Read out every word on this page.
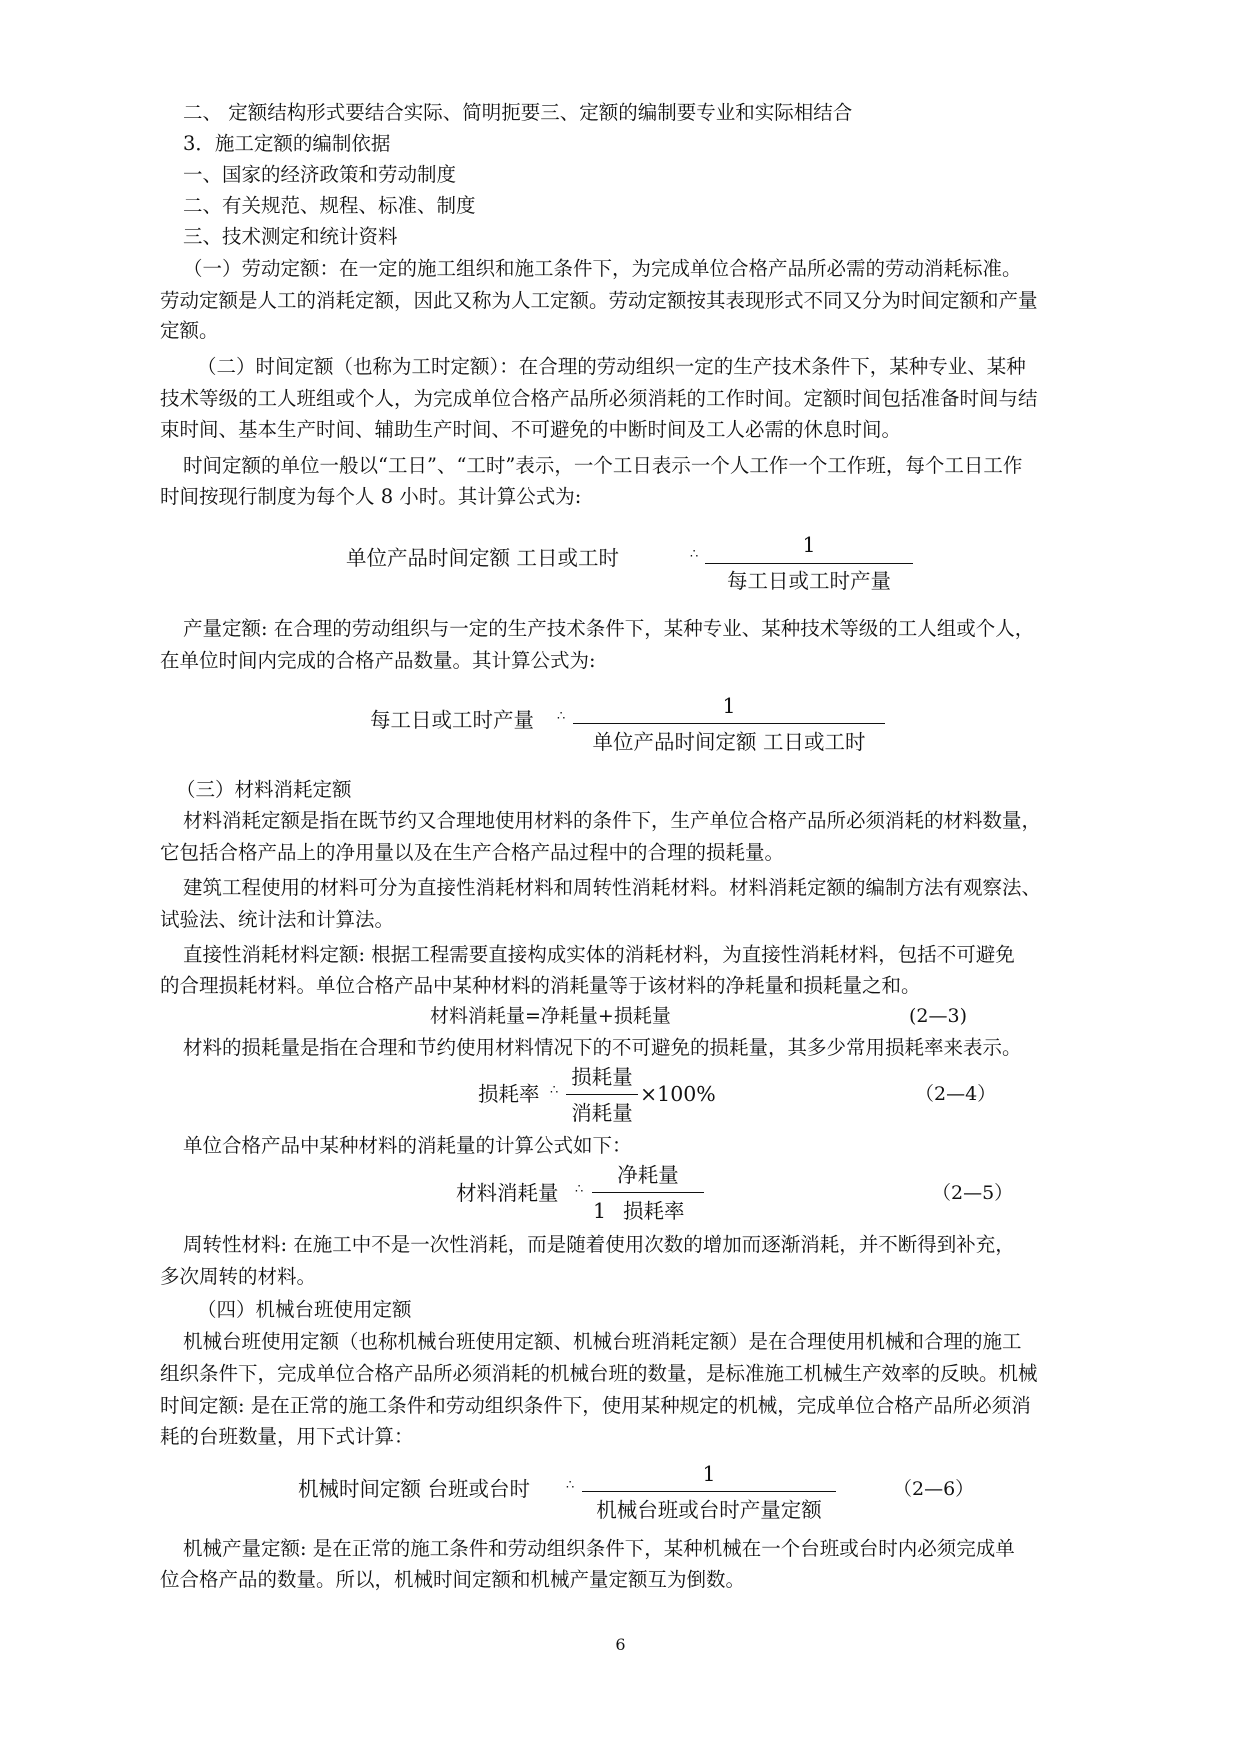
二、 定额结构形式要结合实际、简明扼要三、定额的编制要专业和实际相结合
3．施工定额的编制依据
一、国家的经济政策和劳动制度
二、有关规范、规程、标准、制度
三、技术测定和统计资料
（一）劳动定额：在一定的施工组织和施工条件下，为完成单位合格产品所必需的劳动消耗标准。
劳动定额是人工的消耗定额，因此又称为人工定额。劳动定额按其表现形式不同又分为时间定额和产量
定额。
（二）时间定额（也称为工时定额）：在合理的劳动组织一定的生产技术条件下，某种专业、某种
技术等级的工人班组或个人，为完成单位合格产品所必须消耗的工作时间。定额时间包括准备时间与结
束时间、基本生产时间、辅助生产时间、不可避免的中断时间及工人必需的休息时间。
时间定额的单位一般以“工日”、“工时”表示，一个工日表示一个人工作一个工作班，每个工日工作
时间按现行制度为每个人 8 小时。其计算公式为:
单位产品时间定额 工日或工时	∴	1
每工日或工时产量
产量定额: 在合理的劳动组织与一定的生产技术条件下，某种专业、某种技术等级的工人组或个人，
在单位时间内完成的合格产品数量。其计算公式为:
每工日或工时产量 ∴	1
单位产品时间定额 工日或工时
（三）材料消耗定额
材料消耗定额是指在既节约又合理地使用材料的条件下，生产单位合格产品所必须消耗的材料数量，
它包括合格产品上的净用量以及在生产合格产品过程中的合理的损耗量。
建筑工程使用的材料可分为直接性消耗材料和周转性消耗材料。材料消耗定额的编制方法有观察法、
试验法、统计法和计算法。
直接性消耗材料定额: 根据工程需要直接构成实体的消耗材料，为直接性消耗材料，包括不可避免
的合理损耗材料。单位合格产品中某种材料的消耗量等于该材料的净耗量和损耗量之和。
材料消耗量=净耗量+损耗量	(2—3)
材料的损耗量是指在合理和节约使用材料情况下的不可避免的损耗量，其多少常用损耗率来表示。
损耗率 ∴
损耗量
消耗量
×100%	（2—4）
单位合格产品中某种材料的消耗量的计算公式如下：
材料消耗量 ∴
净耗量
1 损耗率
（2—5）
周转性材料: 在施工中不是一次性消耗，而是随着使用次数的增加而逐渐消耗，并不断得到补充，
多次周转的材料。
（四）机械台班使用定额
机械台班使用定额（也称机械台班使用定额、机械台班消耗定额）是在合理使用机械和合理的施工
组织条件下，完成单位合格产品所必须消耗的机械台班的数量，是标准施工机械生产效率的反映。机械
时间定额: 是在正常的施工条件和劳动组织条件下，使用某种规定的机械，完成单位合格产品所必须消
耗的台班数量，用下式计算：
机械时间定额 台班或台时	∴	1
机械台班或台时产量定额
（2—6）
机械产量定额: 是在正常的施工条件和劳动组织条件下，某种机械在一个台班或台时内必须完成单
位合格产品的数量。所以，机械时间定额和机械产量定额互为倒数。
6
